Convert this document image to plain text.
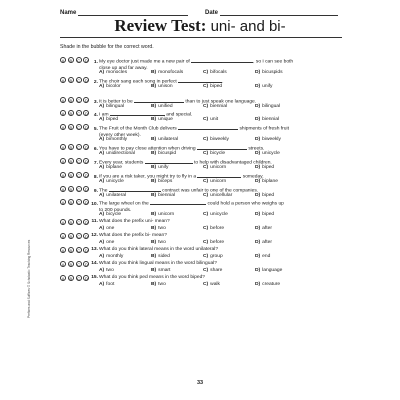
Name	Date
Review Test: uni- and bi-
Shade in the bubble for the correct word.
A	B	C	D	1.My eye doctor just made me a new pair of	, so I can see both
close up and far away.
A) monocles	B) monofocals	C) bifocals	D) bicuspids
A	B	C	D	2.The choir sang each song in perfect	.
A) bicolor	B) unison	C) biped	D) unify
A	B	C	D	3.It is better to be	than to just speak one language.
A) bilingual	B) unified	C) biennial	D) bilingual
A	B	C	D	4.I am	and special.
A) biped	B) unique	C) unit	D) biennial
A	B	C	D	5.The Fruit of the Month Club delivers	shipments of fresh fruit
(every other week).
A) bimonthly	B) unilateral	C) biweekly	D) biweekly
A	B	C	D	6.You have to pay close attention when driving	streets.
A) unidirectional	B) bicuspid	C) bicycle	D) unicycle
A	B	C	D	7.Every year, students	to help with disadvantaged children.
A) biplane	B) unify	C) unicorn	D) biped
A	B	C	D	8.If you are a risk taker, you might try to fly in a	someday.
A) unicycle	B) biceps	C) unicorn	D) biplane
A	B	C	D	9.The	contract was unfair to one of the companies.
A) unilateral	B) biennial	C) unicellular	D) biped
A	B	C	D 10.The large wheel on the	could hold a person who weighs up
to 200 pounds.
A) bicycle	B) unicorn	C) unicycle	D) biped
A	B	C	D 11.What does the prefix uni- mean?
A) one	B) two	C) before	D) after
A	B	C	D 12.What does the prefix bi- mean?
A) one	B) two	C) before	D) after
A	B	C	D 13.What do you think lateral means in the word unilateral?
A) monthly	B) sided	C) group	D) end
A	B	C	D 14.What do you think lingual means in the word bilingual?
A) two	B) smart	C) share	D) language
A	B	C	D 15.What do you think ped means in the word biped?
A) foot	B) two	C) walk	D) creature
Prefixes and Suffixes © Scholastic Teaching Resources
33
